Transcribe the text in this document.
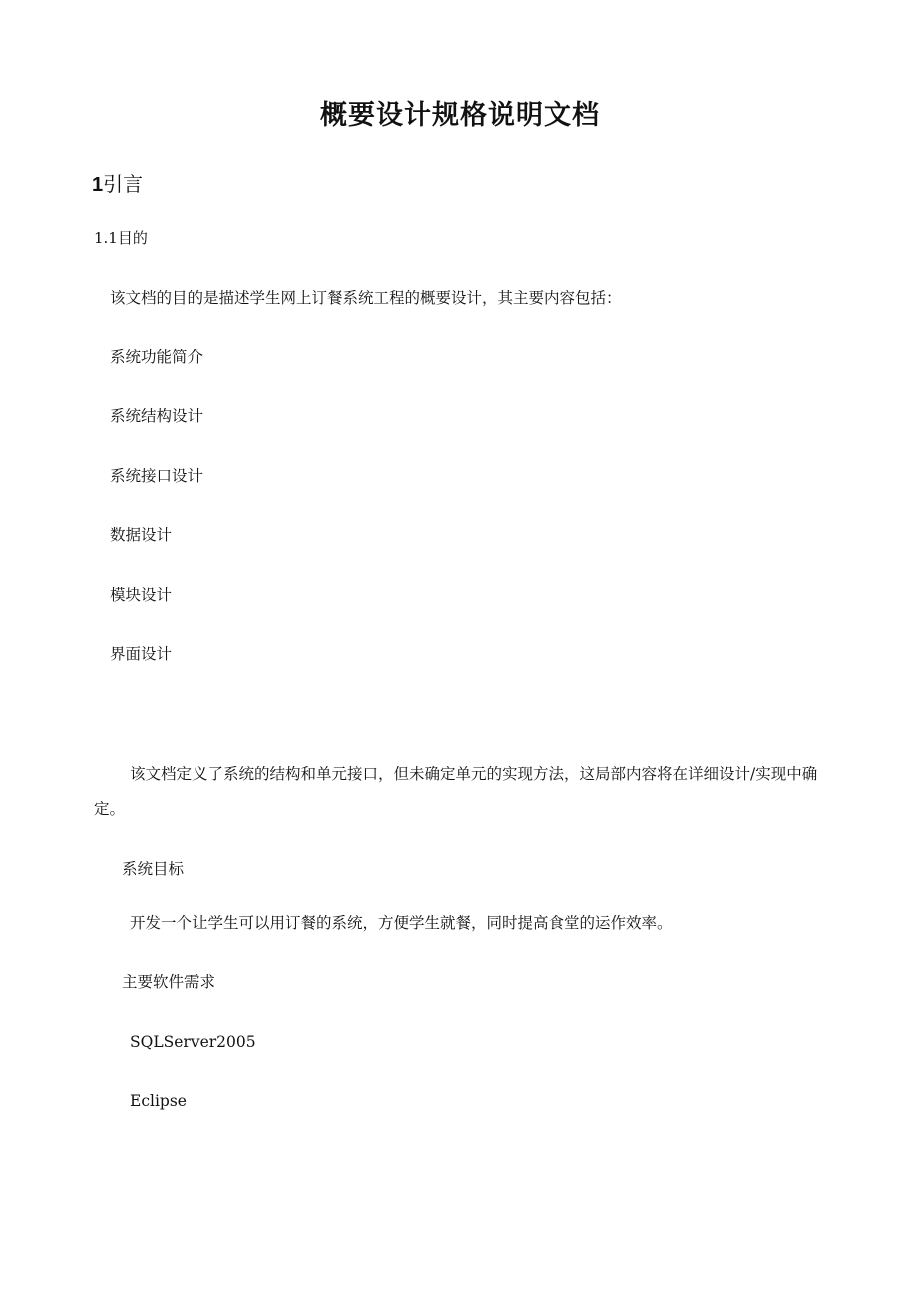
概要设计规格说明文档
1引言
1.1目的

该文档的目的是描述学生网上订餐系统工程的概要设计，其主要内容包括：

系统功能简介

系统结构设计

系统接口设计

数据设计

模块设计

界面设计

该文档定义了系统的结构和单元接口，但未确定单元的实现方法，这局部内容将在详细设计/实现中确定。

系统目标

开发一个让学生可以用订餐的系统，方便学生就餐，同时提高食堂的运作效率。

主要软件需求

SQLServer2005

Eclipse
